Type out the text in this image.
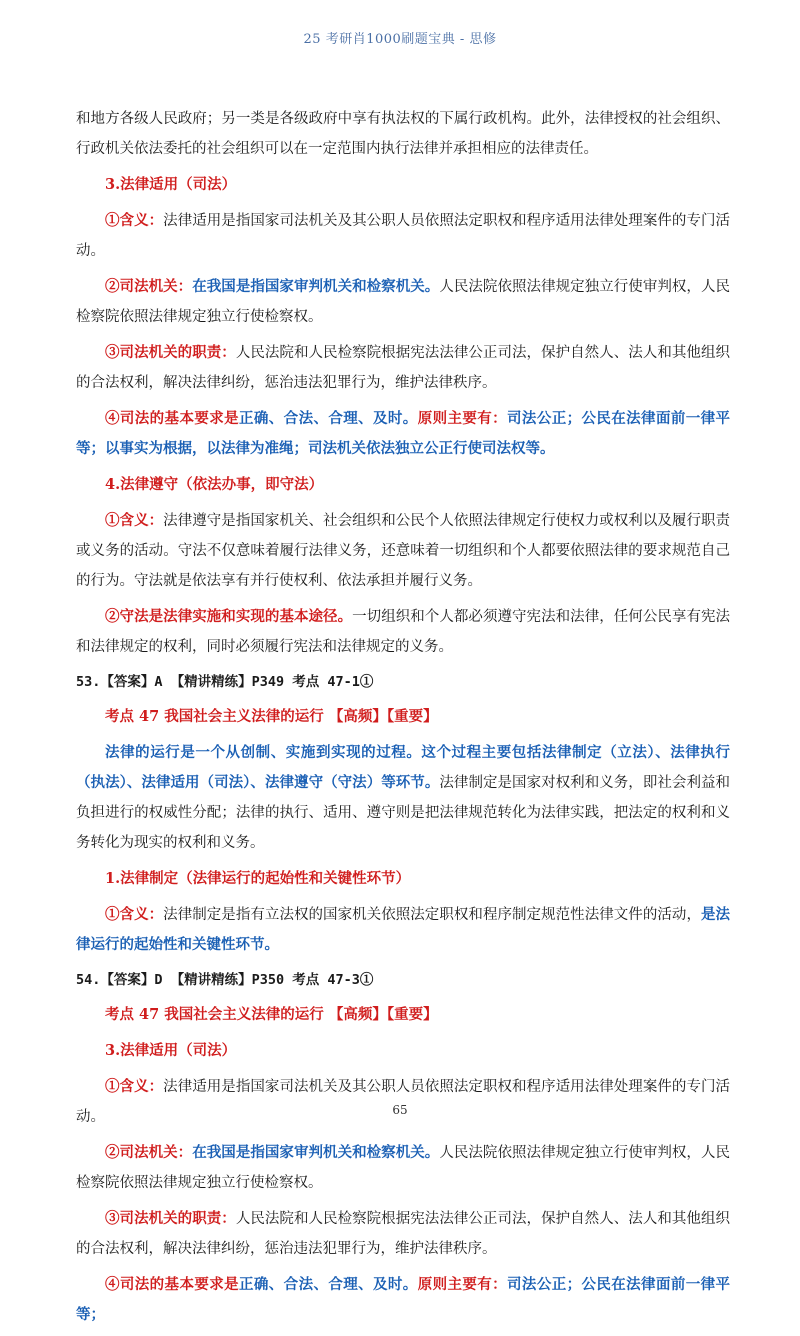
25 考研肖1000刷题宝典 - 思修

和地方各级人民政府；另一类是各级政府中享有执法权的下属行政机构。此外，法律授权的社会组织、行政机关依法委托的社会组织可以在一定范围内执行法律并承担相应的法律责任。

3.法律适用（司法）

①含义：法律适用是指国家司法机关及其公职人员依照法定职权和程序适用法律处理案件的专门活动。

②司法机关：在我国是指国家审判机关和检察机关。人民法院依照法律规定独立行使审判权，人民检察院依照法律规定独立行使检察权。

③司法机关的职责：人民法院和人民检察院根据宪法法律公正司法，保护自然人、法人和其他组织的合法权利，解决法律纠纷，惩治违法犯罪行为，维护法律秩序。

④司法的基本要求是正确、合法、合理、及时。原则主要有：司法公正；公民在法律面前一律平等；以事实为根据，以法律为准绳；司法机关依法独立公正行使司法权等。

4.法律遵守（依法办事，即守法）

①含义：法律遵守是指国家机关、社会组织和公民个人依照法律规定行使权力或权利以及履行职责或义务的活动。守法不仅意味着履行法律义务，还意味着一切组织和个人都要依照法律的要求规范自己的行为。守法就是依法享有并行使权利、依法承担并履行义务。

②守法是法律实施和实现的基本途径。一切组织和个人都必须遵守宪法和法律，任何公民享有宪法和法律规定的权利，同时必须履行宪法和法律规定的义务。

53.【答案】A 【精讲精练】P349 考点 47-1①

考点 47 我国社会主义法律的运行 【高频】【重要】

法律的运行是一个从创制、实施到实现的过程。这个过程主要包括法律制定（立法）、法律执行（执法）、法律适用（司法）、法律遵守（守法）等环节。法律制定是国家对权利和义务，即社会利益和负担进行的权威性分配；法律的执行、适用、遵守则是把法律规范转化为法律实践，把法定的权利和义务转化为现实的权利和义务。

1.法律制定（法律运行的起始性和关键性环节）

①含义：法律制定是指有立法权的国家机关依照法定职权和程序制定规范性法律文件的活动，是法律运行的起始性和关键性环节。

54.【答案】D 【精讲精练】P350 考点 47-3①

考点 47 我国社会主义法律的运行 【高频】【重要】

3.法律适用（司法）

①含义：法律适用是指国家司法机关及其公职人员依照法定职权和程序适用法律处理案件的专门活动。

②司法机关：在我国是指国家审判机关和检察机关。人民法院依照法律规定独立行使审判权，人民检察院依照法律规定独立行使检察权。

③司法机关的职责：人民法院和人民检察院根据宪法法律公正司法，保护自然人、法人和其他组织的合法权利，解决法律纠纷，惩治违法犯罪行为，维护法律秩序。

④司法的基本要求是正确、合法、合理、及时。原则主要有：司法公正；公民在法律面前一律平等；

65
